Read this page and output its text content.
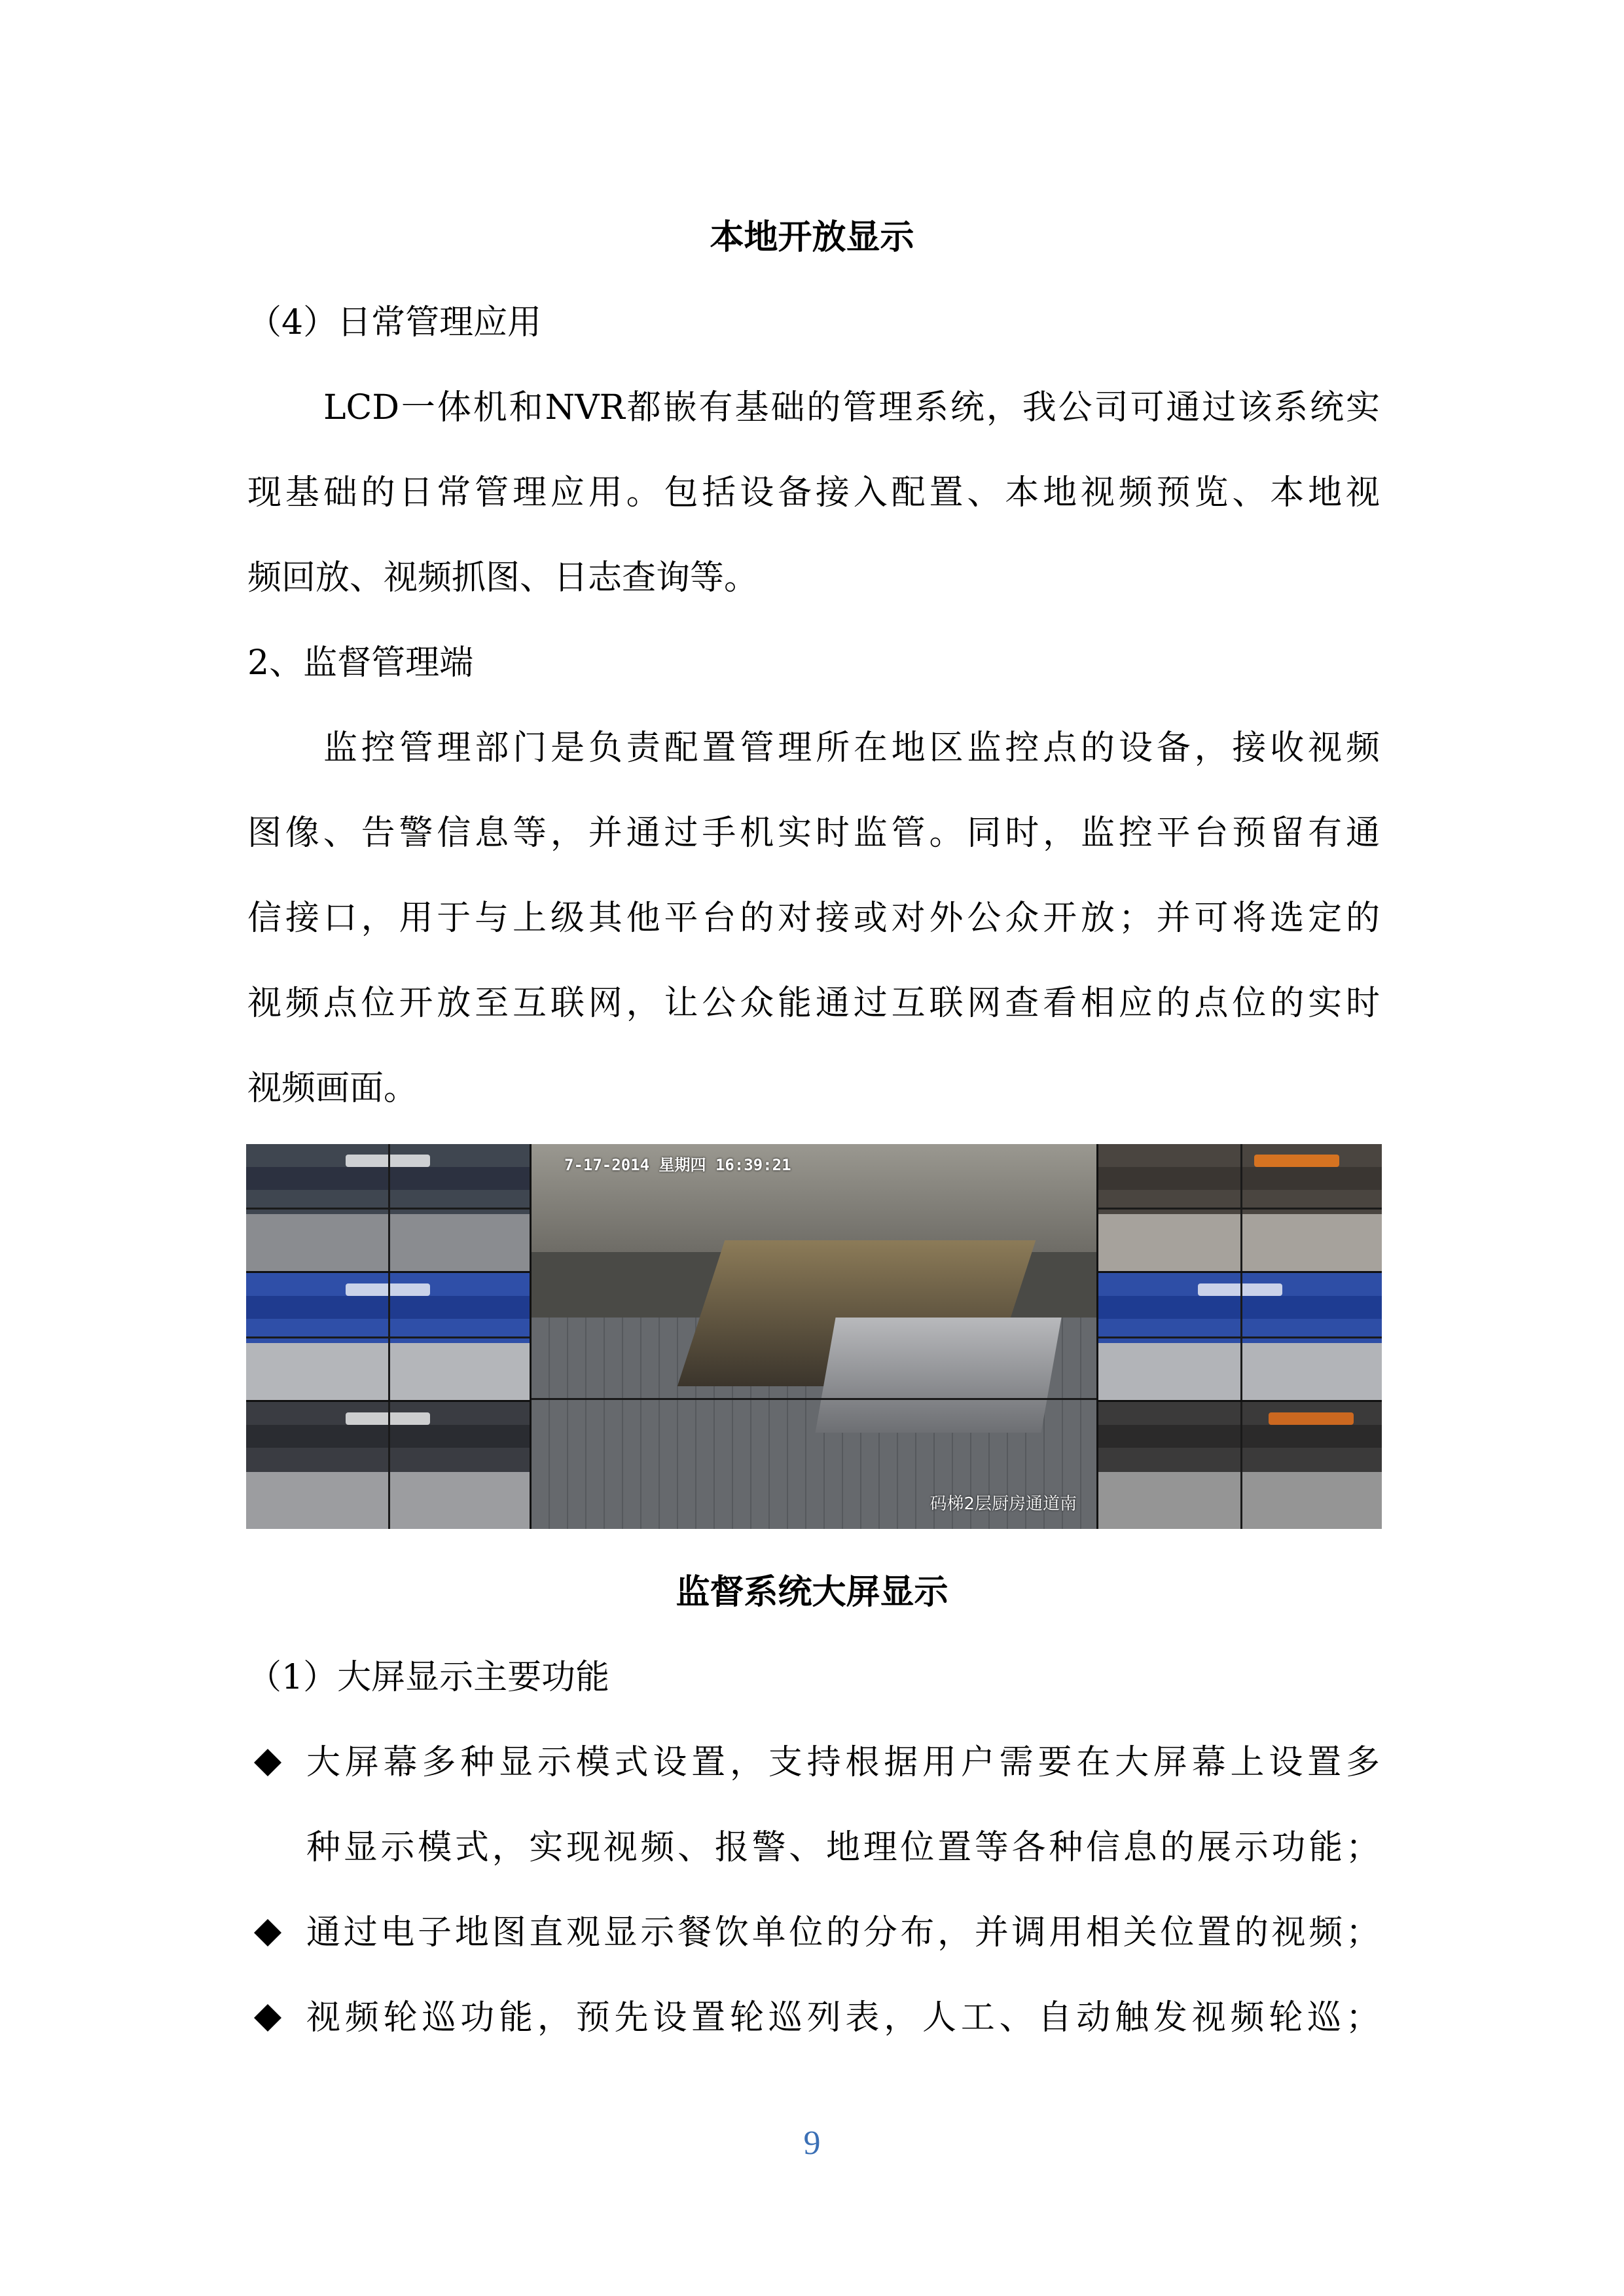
本地开放显示
（4）日常管理应用
LCD一体机和NVR都嵌有基础的管理系统，我公司可通过该系统实
现基础的日常管理应用。包括设备接入配置、本地视频预览、本地视
频回放、视频抓图、日志查询等。
2、监督管理端
监控管理部门是负责配置管理所在地区监控点的设备，接收视频
图像、告警信息等，并通过手机实时监管。同时，监控平台预留有通
信接口，用于与上级其他平台的对接或对外公众开放；并可将选定的
视频点位开放至互联网，让公众能通过互联网查看相应的点位的实时
视频画面。
7-17-2014 星期四 16:39:21
码梯2层厨房通道南
监督系统大屏显示
（1）大屏显示主要功能
大屏幕多种显示模式设置，支持根据用户需要在大屏幕上设置多
种显示模式，实现视频、报警、地理位置等各种信息的展示功能；
通过电子地图直观显示餐饮单位的分布，并调用相关位置的视频；
视频轮巡功能，预先设置轮巡列表，人工、自动触发视频轮巡；
9
